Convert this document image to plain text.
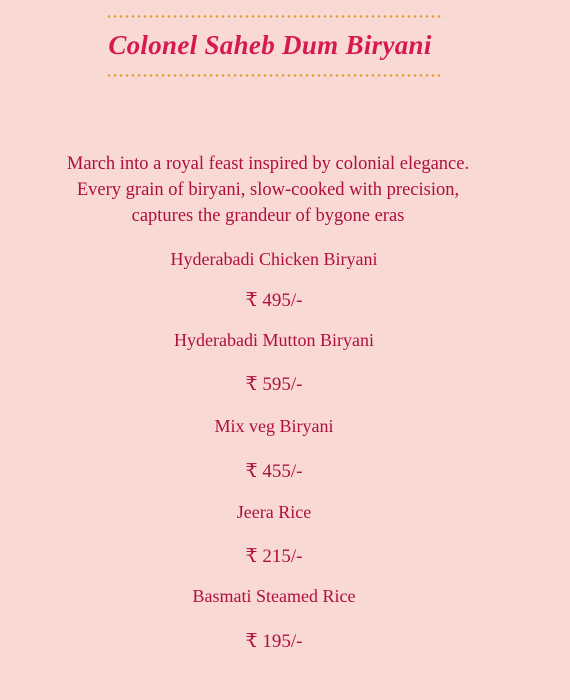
Colonel Saheb Dum Biryani
March into a royal feast inspired by colonial elegance.
Every grain of biryani, slow-cooked with precision,
captures the grandeur of bygone eras
Hyderabadi Chicken Biryani
₹ 495/-
Hyderabadi Mutton Biryani
₹ 595/-
Mix veg Biryani
₹ 455/-
Jeera Rice
₹ 215/-
Basmati Steamed Rice
₹ 195/-
